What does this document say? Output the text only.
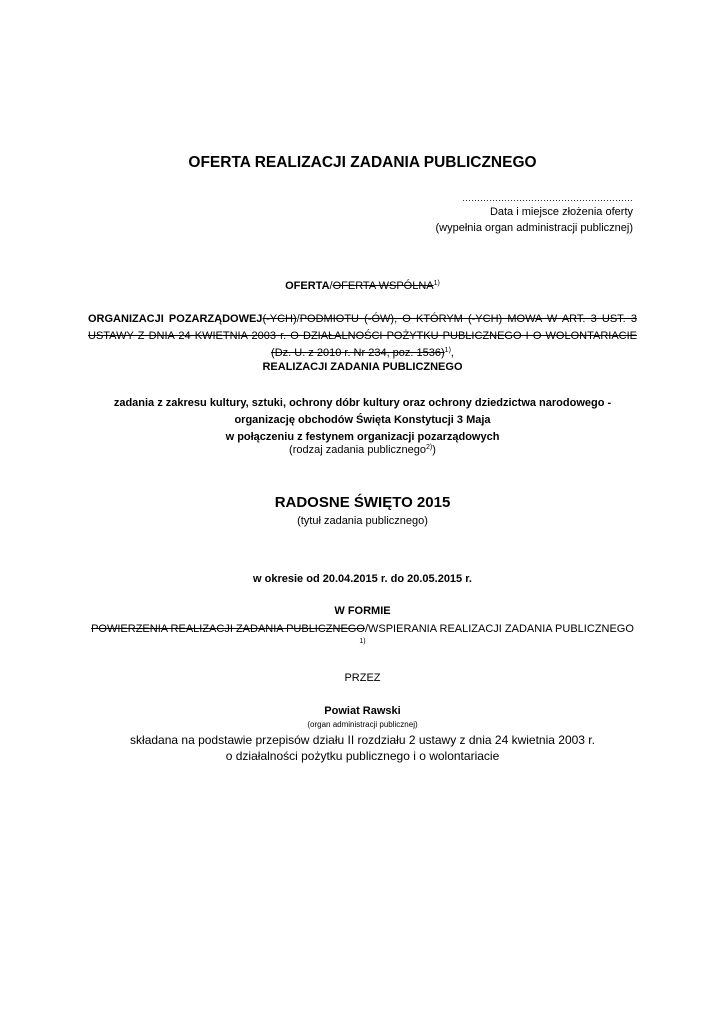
OFERTA REALIZACJI ZADANIA PUBLICZNEGO
…………………………………………………
Data i miejsce złożenia oferty
(wypełnia organ administracji publicznej)
OFERTA/OFERTA WSPÓLNA$^{1)}$
ORGANIZACJI POZARZĄDOWEJ(-YCH)/PODMIOTU (-ÓW), O KTÓRYM (-YCH) MOWA W ART. 3 UST. 3 USTAWY Z DNIA 24 KWIETNIA 2003 r. O DZIAŁALNOŚCI POŻYTKU PUBLICZNEGO I O WOLONTARIACIE (Dz. U. z 2010 r. Nr 234, poz. 1536)$^{1)}$,
REALIZACJI ZADANIA PUBLICZNEGO
zadania z zakresu kultury, sztuki, ochrony dóbr kultury oraz ochrony dziedzictwa narodowego -
organizację obchodów Święta Konstytucji 3 Maja
w połączeniu z festynem organizacji pozarządowych
(rodzaj zadania publicznego$^{2)}$)
RADOSNE ŚWIĘTO 2015
(tytuł zadania publicznego)
w okresie od 20.04.2015 r. do 20.05.2015 r.
W FORMIE
POWIERZENIA REALIZACJI ZADANIA PUBLICZNEGO/WSPIERANIA REALIZACJI ZADANIA PUBLICZNEGO
1)
PRZEZ
Powiat Rawski
(organ administracji publicznej)
składana na podstawie przepisów działu II rozdziału 2 ustawy z dnia 24 kwietnia 2003 r.
o działalności pożytku publicznego i o wolontariacie
